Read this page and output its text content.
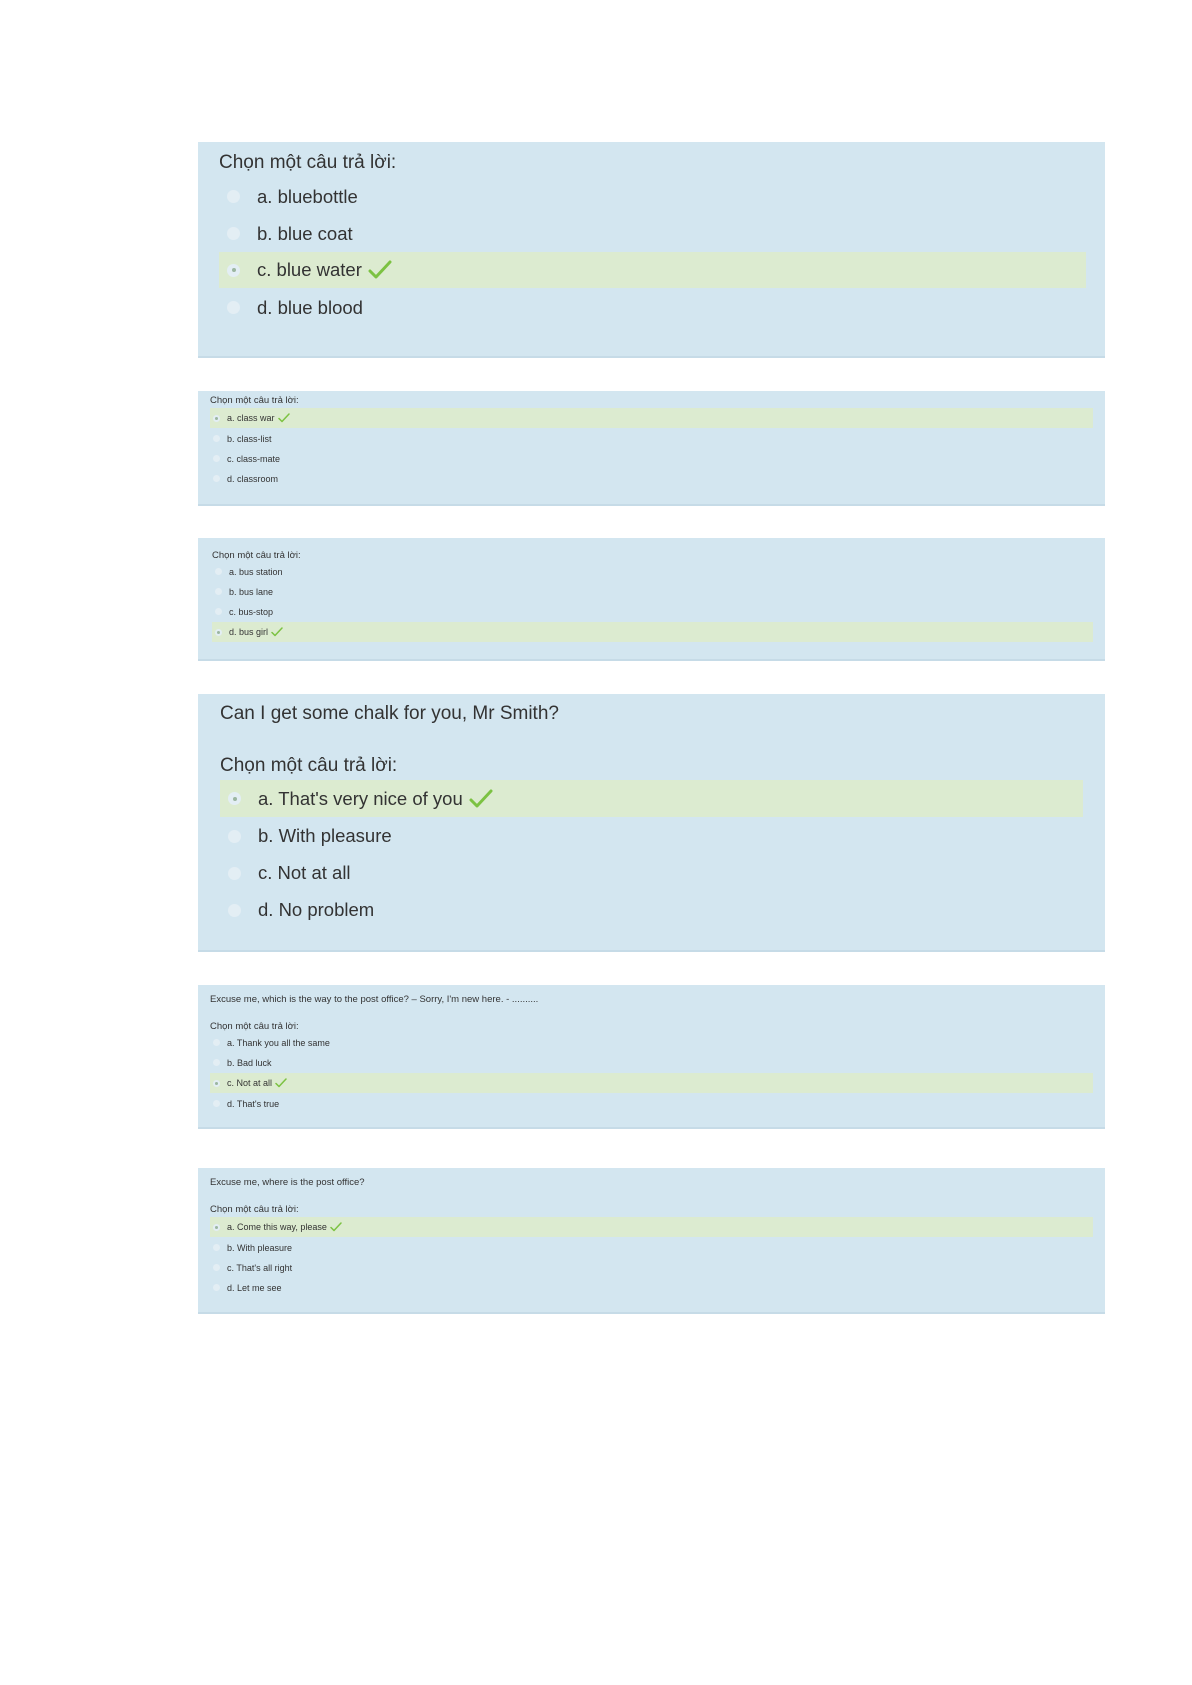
Chọn một câu trả lời:

a. bluebottle
b. blue coat
c. blue water
d. blue blood

Chọn một câu trả lời:

a. class war
b. class-list
c. class-mate
d. classroom

Chọn một câu trả lời:

a. bus station
b. bus lane
c. bus-stop
d. bus girl

Can I get some chalk for you, Mr Smith?

Chọn một câu trả lời:

a. That's very nice of you
b. With pleasure
c. Not at all
d. No problem

Excuse me, which is the way to the post office? – Sorry, I'm new here. - ..........

Chọn một câu trả lời:

a. Thank you all the same
b. Bad luck
c. Not at all
d. That's true

Excuse me, where is the post office?

Chọn một câu trả lời:

a. Come this way, please
b. With pleasure
c. That's all right
d. Let me see
